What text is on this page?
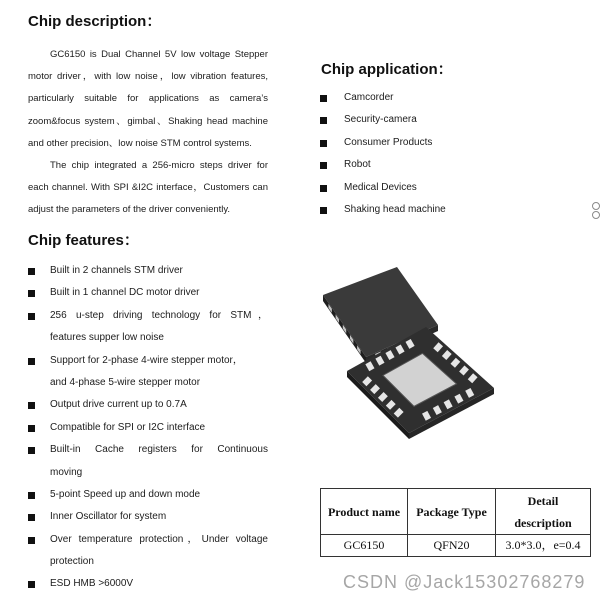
Chip description：
GC6150 is Dual Channel 5V low voltage Stepper
motor driver，with low noise，low vibration features,
particularly suitable for applications as camera’s
zoom&focus system、gimbal、Shaking head machine
and other precision、low noise STM control systems.
The chip integrated a 256-micro steps driver for
each channel. With SPI &I2C interface，Customers can
adjust the parameters of the driver conveniently.
Chip features：
Built in 2 channels STM driver
Built in 1 channel DC motor driver
256 u-step driving technology for STM，
features supper low noise
Support for 2-phase 4-wire stepper motor，
and 4-phase 5-wire stepper motor
Output drive current up to 0.7A
Compatible for SPI or I2C interface
Built-in Cache registers for Continuous
moving
5-point Speed up and down mode
Inner Oscillator for system
Over temperature protection，Under voltage
protection
ESD HMB >6000V
Chip application：
Camcorder
Security-camera
Consumer Products
Robot
Medical Devices
Shaking head machine
Product name	Package Type	Detail description
GC6150	QFN20	3.0*3.0，e=0.4
CSDN @Jack15302768279
